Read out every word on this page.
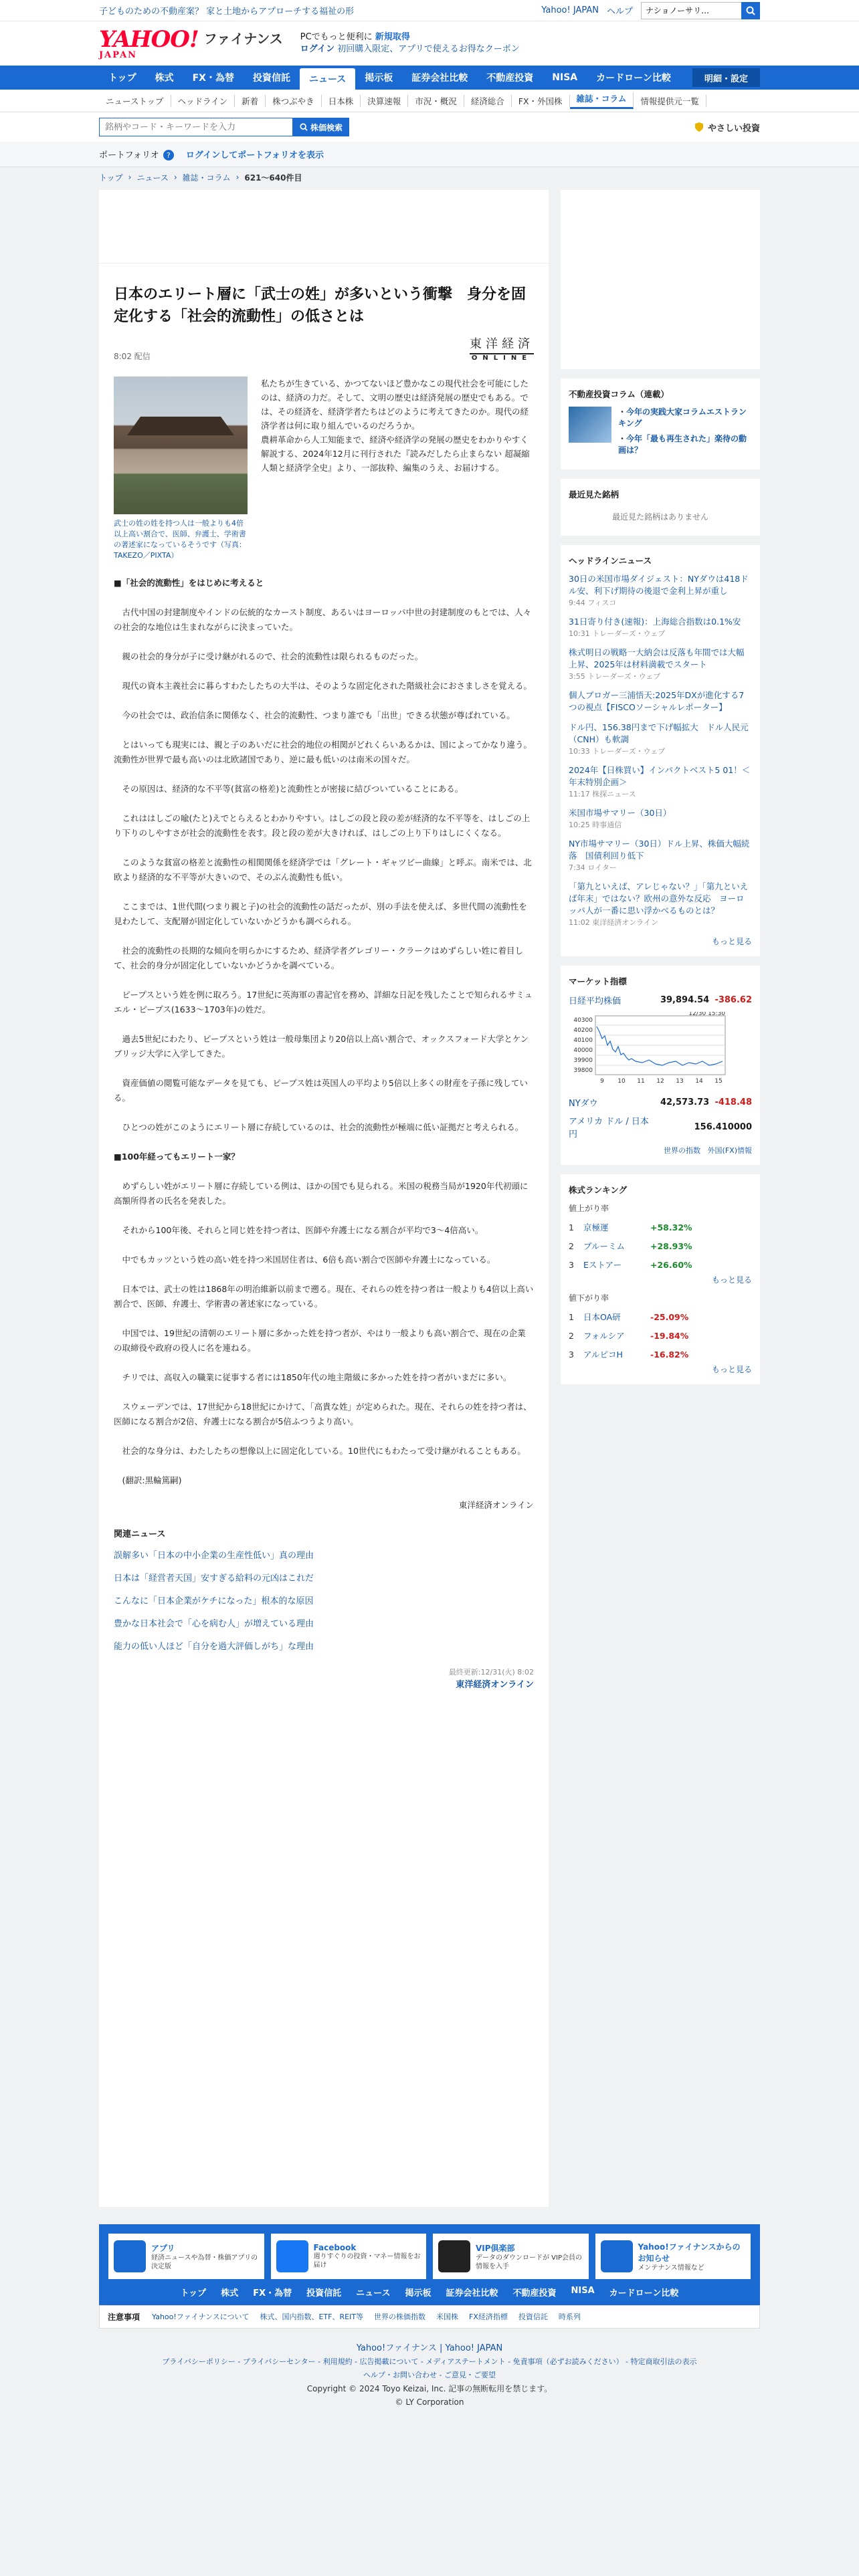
子どものための不動産案？ 家と土地からアプローチする福祉の形	Yahoo! JAPAN ヘルプ
ナショノーサリ…
YAHOO!
JAPAN
ファイナンス PCでもっと便利に 新規取得
ログイン 初回購入限定、アプリで使えるお得なクーポン
トップ	株式	FX・為替	投資信託	ニュース	掲示板	証券会社比較	不動産投資	NISA	カードローン比較	明細・設定
ニューストップ	ヘッドライン	新着	株つぶやき	日本株	決算速報	市況・概況	経済総合	FX・外国株	雑誌・コラム	情報提供元一覧
銘柄やコード・キーワードを入力
株価検索	やさしい投資
ポートフォリオ ?	ログインしてポートフォリオを表示
トップ › ニュース › 雑誌・コラム › 621〜640件目
日本のエリート層に「武士の姓」が多いという衝撃　身分を固定化する「社会的流動性」の低さとは
8:02 配信
東洋経済
ONLINE
武士の姓の姓を持つ人は一般よりも4倍以上高い割合で、医師、弁護士、学術書の著述家になっているそうです（写真：TAKEZO／PIXTA）
私たちが生きている、かつてないほど豊かなこの現代社会を可能にしたのは、経済の力だ。そして、文明の歴史は経済発展の歴史でもある。では、その経済を、経済学者たちはどのように考えてきたのか。現代の経済学者は何に取り組んでいるのだろうか。
農耕革命から人工知能まで、経済や経済学の発展の歴史をわかりやすく解説する、2024年12月に刊行された『読みだしたら止まらない 超凝縮 人類と経済学全史』より、一部抜粋、編集のうえ、お届けする。

■「社会的流動性」をはじめに考えると

　古代中国の封建制度やインドの伝統的なカースト制度、あるいはヨーロッパ中世の封建制度のもとでは、人々の社会的な地位は生まれながらに決まっていた。

　親の社会的身分が子に受け継がれるので、社会的流動性は限られるものだった。

　現代の資本主義社会に暮らすわたしたちの大半は、そのような固定化された階級社会におさましさを覚える。

　今の社会では、政治信条に関係なく、社会的流動性、つまり誰でも「出世」できる状態が尊ばれている。

　とはいっても現実には、親と子のあいだに社会的地位の相関がどれくらいあるかは、国によってかなり違う。流動性が世界で最も高いのは北欧諸国であり、逆に最も低いのは南米の国々だ。

　その原因は、経済的な不平等(貧富の格差)と流動性とが密接に結びついていることにある。

　これははしごの喩(たと)えでとらえるとわかりやすい。はしごの段と段の差が経済的な不平等を、はしごの上り下りのしやすさが社会的流動性を表す。段と段の差が大きければ、はしごの上り下りはしにくくなる。

　このような貧富の格差と流動性の相関関係を経済学では「グレート・ギャツビー曲線」と呼ぶ。南米では、北欧より経済的な不平等が大きいので、そのぶん流動性も低い。

　ここまでは、1世代間(つまり親と子)の社会的流動性の話だったが、別の手法を使えば、多世代間の流動性を見わたして、支配層が固定化していないかどうかも調べられる。

　社会的流動性の長期的な傾向を明らかにするため、経済学者グレゴリー・クラークはめずらしい姓に着目して、社会的身分が固定化していないかどうかを調べている。

　ピープスという姓を例に取ろう。17世紀に英海軍の書記官を務め、詳細な日記を残したことで知られるサミュエル・ピープス(1633〜1703年)の姓だ。

　過去5世紀にわたり、ピープスという姓は一般母集団より20倍以上高い割合で、オックスフォード大学とケンブリッジ大学に入学してきた。

　資産価値の閲覧可能なデータを見ても、ピープス姓は英国人の平均より5倍以上多くの財産を子孫に残している。

　ひとつの姓がこのようにエリート層に存続しているのは、社会的流動性が極端に低い証拠だと考えられる。

■100年経ってもエリート一家？

　めずらしい姓がエリート層に存続している例は、ほかの国でも見られる。米国の税務当局が1920年代初頭に高額所得者の氏名を発表した。

　それから100年後、それらと同じ姓を持つ者は、医師や弁護士になる割合が平均で3〜4倍高い。

　中でもカッツという姓の高い姓を持つ米国居住者は、6倍も高い割合で医師や弁護士になっている。

　日本では、武士の姓は1868年の明治維新以前まで遡る。現在、それらの姓を持つ者は一般よりも4倍以上高い割合で、医師、弁護士、学術書の著述家になっている。

　中国では、19世紀の清朝のエリート層に多かった姓を持つ者が、やはり一般よりも高い割合で、現在の企業の取締役や政府の役人に名を連ねる。

　チリでは、高収入の職業に従事する者には1850年代の地主階級に多かった姓を持つ者がいまだに多い。

　スウェーデンでは、17世紀から18世紀にかけて、「高貴な姓」が定められた。現在、それらの姓を持つ者は、医師になる割合が2倍、弁護士になる割合が5倍ふつうより高い。

　社会的な身分は、わたしたちの想像以上に固定化している。10世代にもわたって受け継がれることもある。

　(翻訳:黒輪篤嗣)

東洋経済オンライン
関連ニュース
誤解多い「日本の中小企業の生産性低い」真の理由
日本は「経営者天国」安すぎる給料の元凶はこれだ
こんなに「日本企業がケチになった」根本的な原因
豊かな日本社会で「心を病む人」が増えている理由
能力の低い人ほど「自分を過大評価しがち」な理由
最終更新:12/31(火) 8:02
東洋経済オンライン
不動産投資コラム（連載）
・ 今年の実践大家コラムエストランキング
・ 今年「最も再生された」楽待の動画は？
最近見た銘柄
最近見た銘柄はありません
ヘッドラインニュース
30日の米国市場ダイジェスト：NYダウは418ドル安、利下げ期待の後退で金利上昇が重し
9:44 フィスコ
31日寄り付き(速報)：上海総合指数は0.1%安
10:31 トレーダーズ・ウェブ
株式明日の戦略一大納会は反落も年間では大幅上昇、2025年は材料満載でスタート
3:55 トレーダーズ・ウェブ
個人ブロガー三浦悟天:2025年DXが進化する7つの視点【FISCOソーシャルレポーター】
ドル円、156.38円まで下げ幅拡大　ドル人民元（CNH）も軟調
10:33 トレーダーズ・ウェブ
2024年【日株買い】インパクトベスト5 01！＜年末特別企画＞
11:17 株探ニュース
米国市場サマリー（30日）
10:25 時事通信
NY市場サマリー（30日）ドル上昇、株価大幅続落　国債利回り低下
7:34 ロイター
「第九といえば、アレじゃない？」「第九といえば年末」ではない？欧州の意外な反応　ヨーロッパ人が一番に思い浮かべるものとは？
11:02 東洋経済オンライン
もっと見る
マーケット指標
日経平均株価	39,894.54 -386.62
40300
40200
40100
40000
39900
39800
9 10 11 12 13 14 15
12/30 15:30
NYダウ	42,573.73 -418.48
アメリカ ドル / 日本 円
156.410000
世界の指数 外国(FX)情報
株式ランキング
値上がり率
1	京極運	+58.32%
2	ブルーミム	+28.93%
3	Eストアー	+26.60%
もっと見る
値下がり率
1	日本OA研	-25.09%
2	フォルシア	-19.84%
3	アルピコH	-16.82%
もっと見る
アプリ
経済ニュースや為替・株価アプリの決定版
Facebook
週りすぐりの投資・マネー情報をお届け
VIP倶楽部
データのダウンロードが VIP会員の情報を入手
Yahoo!ファイナンスからのお知らせ
メンテナンス情報など
トップ 株式 FX・為替 投資信託 ニュース 掲示板 証券会社比較 不動産投資 NISA カードローン比較
注意事項 Yahoo!ファイナンスについて 株式、国内指数、ETF、REIT等 世界の株価指数 米国株 FX経済指標 投資信託 時系列
Yahoo!ファイナンス | Yahoo! JAPAN
プライバシーポリシー - プライバシーセンター - 利用規約 - 広告掲載について - メディアステートメント - 免責事項（必ずお読みください） - 特定商取引法の表示
ヘルプ・お問い合わせ - ご意見・ご要望
Copyright © 2024 Toyo Keizai, Inc. 記事の無断転用を禁じます。
© LY Corporation
